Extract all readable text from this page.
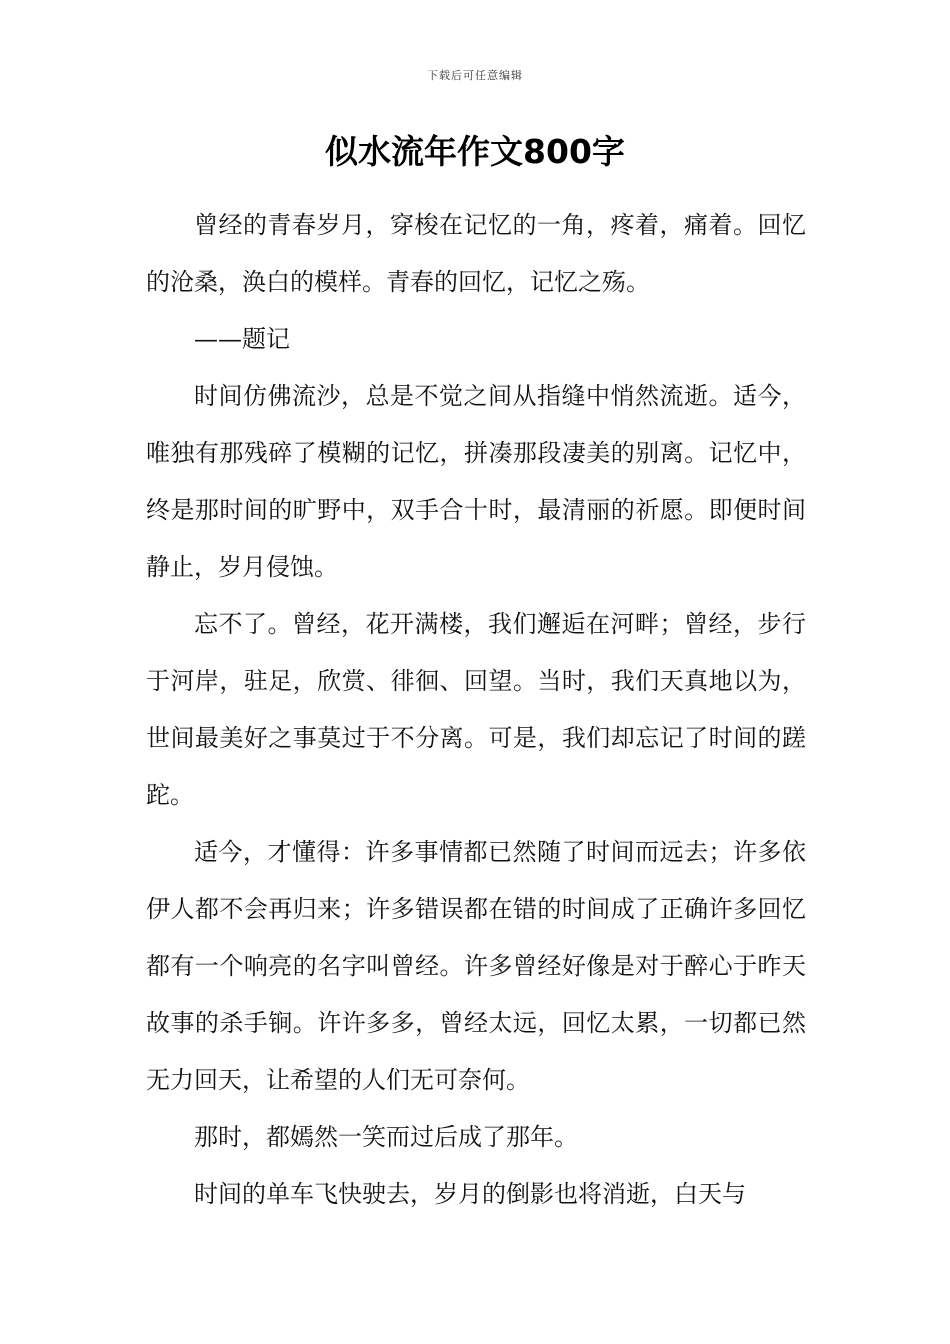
下载后可任意编辑
似水流年作文800字

曾经的青春岁月，穿梭在记忆的一角，疼着，痛着。回忆的沧桑，涣白的模样。青春的回忆，记忆之殇。

——题记

时间仿佛流沙，总是不觉之间从指缝中悄然流逝。适今，唯独有那残碎了模糊的记忆，拼凑那段凄美的别离。记忆中，终是那时间的旷野中，双手合十时，最清丽的祈愿。即便时间静止，岁月侵蚀。

忘不了。曾经，花开满楼，我们邂逅在河畔；曾经，步行于河岸，驻足，欣赏、徘徊、回望。当时，我们天真地以为，世间最美好之事莫过于不分离。可是，我们却忘记了时间的蹉跎。

适今，才懂得：许多事情都已然随了时间而远去；许多依伊人都不会再归来；许多错误都在错的时间成了正确许多回忆都有一个响亮的名字叫曾经。许多曾经好像是对于醉心于昨天故事的杀手锏。许许多多，曾经太远，回忆太累，一切都已然无力回天，让希望的人们无可奈何。

那时，都嫣然一笑而过后成了那年。

时间的单车飞快驶去，岁月的倒影也将消逝，白天与
